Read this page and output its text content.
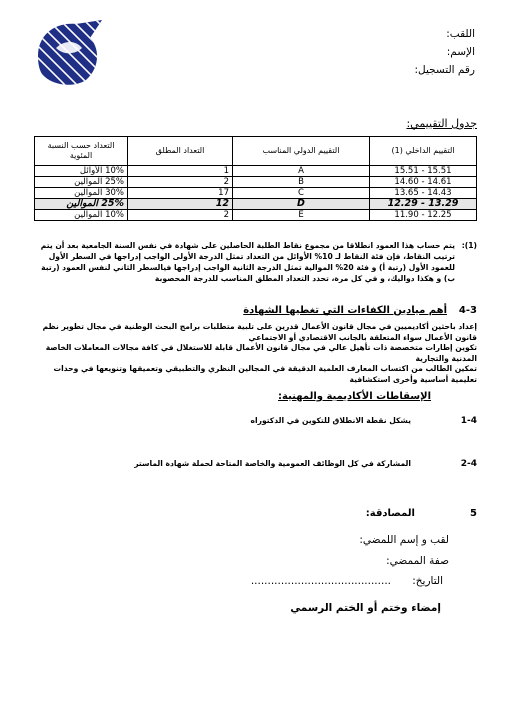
اللقب:
الإسم:
رقم التسجيل:
جدول التقييمي:
التقييم الداخلي (1)	التقييم الدولي المناسب	التعداد المطلق	التعداد حسب النسبة المئوية
15.51 - 15.51	A	1	10% الأوائل
14.61 - 14.60	B	2	25% الموالين
14.43 - 13.65	C	17	30% الموالين
13.29 - 12.29	D	12	25% الموالين
12.25 - 11.90	E	2	10% الموالين
(1):
يتم حساب هذا العمود انطلاقا من مجموع نقاط الطلبة الحاصلين على شهادة في نفس السنة الجامعية بعد أن يتم ترتيب النقاط، فإن فئة النقاط لـ 10% الأوائل من التعداد تمثل الدرجة الأولى الواجب إدراجها في السطر الأول للعمود الأول (رتبة أ) و فئة 20% الموالية تمثل الدرجة الثانية الواجب إدراجها فيالسطر الثاني لنفس العمود (رتبة ب) و هكذا دواليك، و في كل مرة، تحدد التعداد المطلق المناسب للدرجة المحصوبة
4-3
أهم ميادين الكفاءات التي تغطيها الشهادة
إعداد باحثين أكاديميين في مجال قانون الأعمال قدرين على تلبية متطلبات برامج البحث الوطنية في مجال تطوير نظم قانون الأعمال سواء المتعلقة بالجانب الاقتصادي أو الاجتماعي
تكوين إطارات متخصصة ذات تأهيل عالي في مجال قانون الأعمال قابلة للاستغلال في كافة مجالات المعاملات الخاصة المدنية والتجارية
تمكين الطالب من اكتساب المعارف العلمية الدقيقة في المجالين النظري والتطبيقي وتعميقها وتنويعها في وحدات تعليمية أساسية وأخرى استكشافية
الإسقاطات الأكاديمية والمهنية:
1-4
يشكل نقطة الانطلاق للتكوين في الدكتوراه
2-4
المشاركة في كل الوظائف العمومية والخاصة المتاحة لحملة شهادة الماستر
5
المصادقة:
لقب و إسم اللمضي:
صفة الممضي:
التاريخ:
..........................................
إمضاء وختم أو الختم الرسمي
